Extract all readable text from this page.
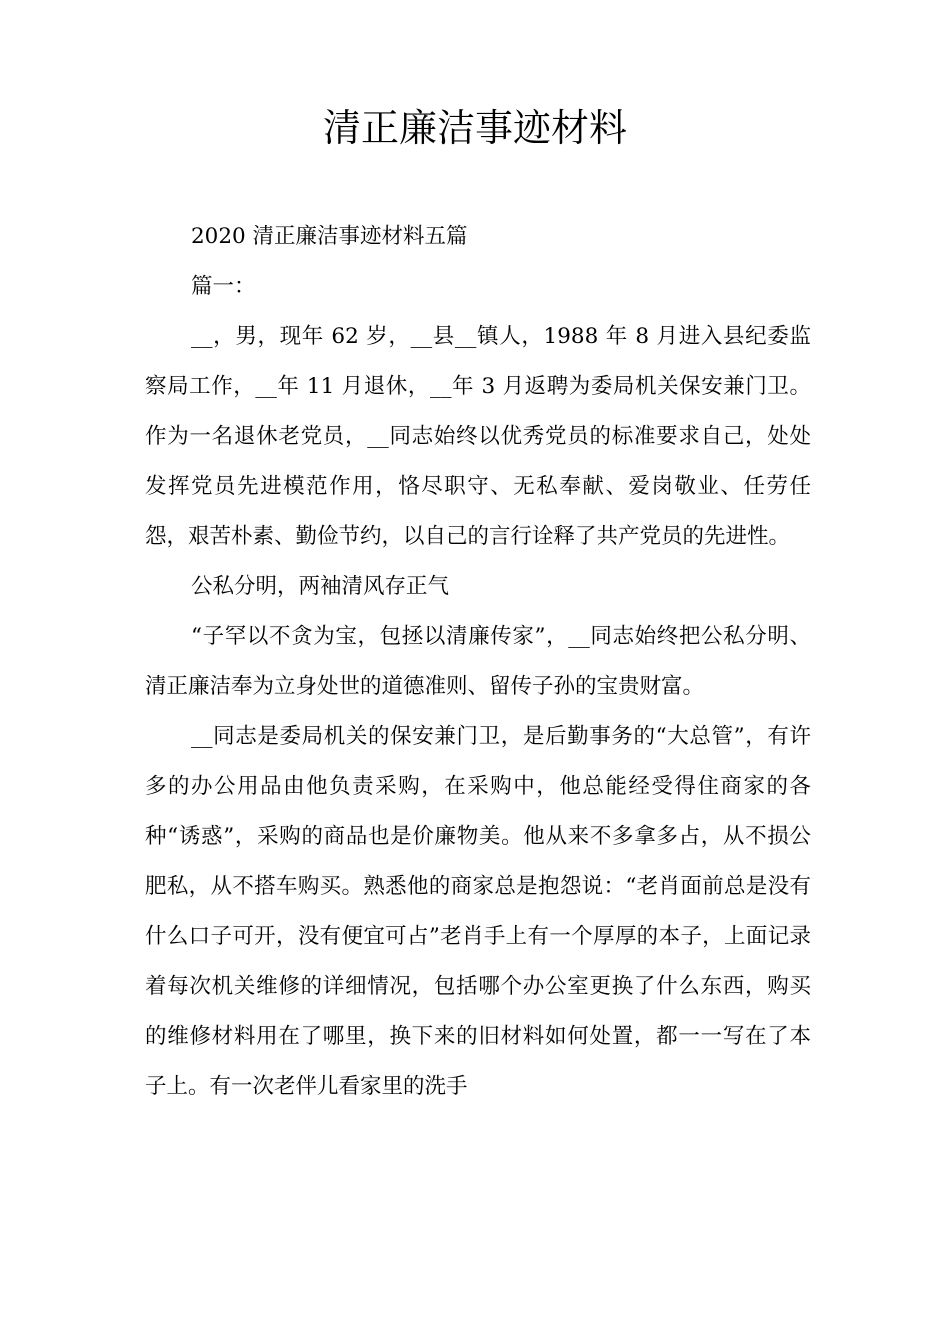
清正廉洁事迹材料

2020 清正廉洁事迹材料五篇

篇一：

__，男，现年 62 岁，__县__镇人，1988 年 8 月进入县纪委监察局工作，__年 11 月退休，__年 3 月返聘为委局机关保安兼门卫。作为一名退休老党员，__同志始终以优秀党员的标准要求自己，处处发挥党员先进模范作用，恪尽职守、无私奉献、爱岗敬业、任劳任怨，艰苦朴素、勤俭节约，以自己的言行诠释了共产党员的先进性。

公私分明，两袖清风存正气

“子罕以不贪为宝，包拯以清廉传家”，__同志始终把公私分明、清正廉洁奉为立身处世的道德准则、留传子孙的宝贵财富。

__同志是委局机关的保安兼门卫，是后勤事务的“大总管”，有许多的办公用品由他负责采购，在采购中，他总能经受得住商家的各种“诱惑”，采购的商品也是价廉物美。他从来不多拿多占，从不损公肥私，从不搭车购买。熟悉他的商家总是抱怨说：“老肖面前总是没有什么口子可开，没有便宜可占”老肖手上有一个厚厚的本子，上面记录着每次机关维修的详细情况，包括哪个办公室更换了什么东西，购买的维修材料用在了哪里，换下来的旧材料如何处置，都一一写在了本子上。有一次老伴儿看家里的洗手
